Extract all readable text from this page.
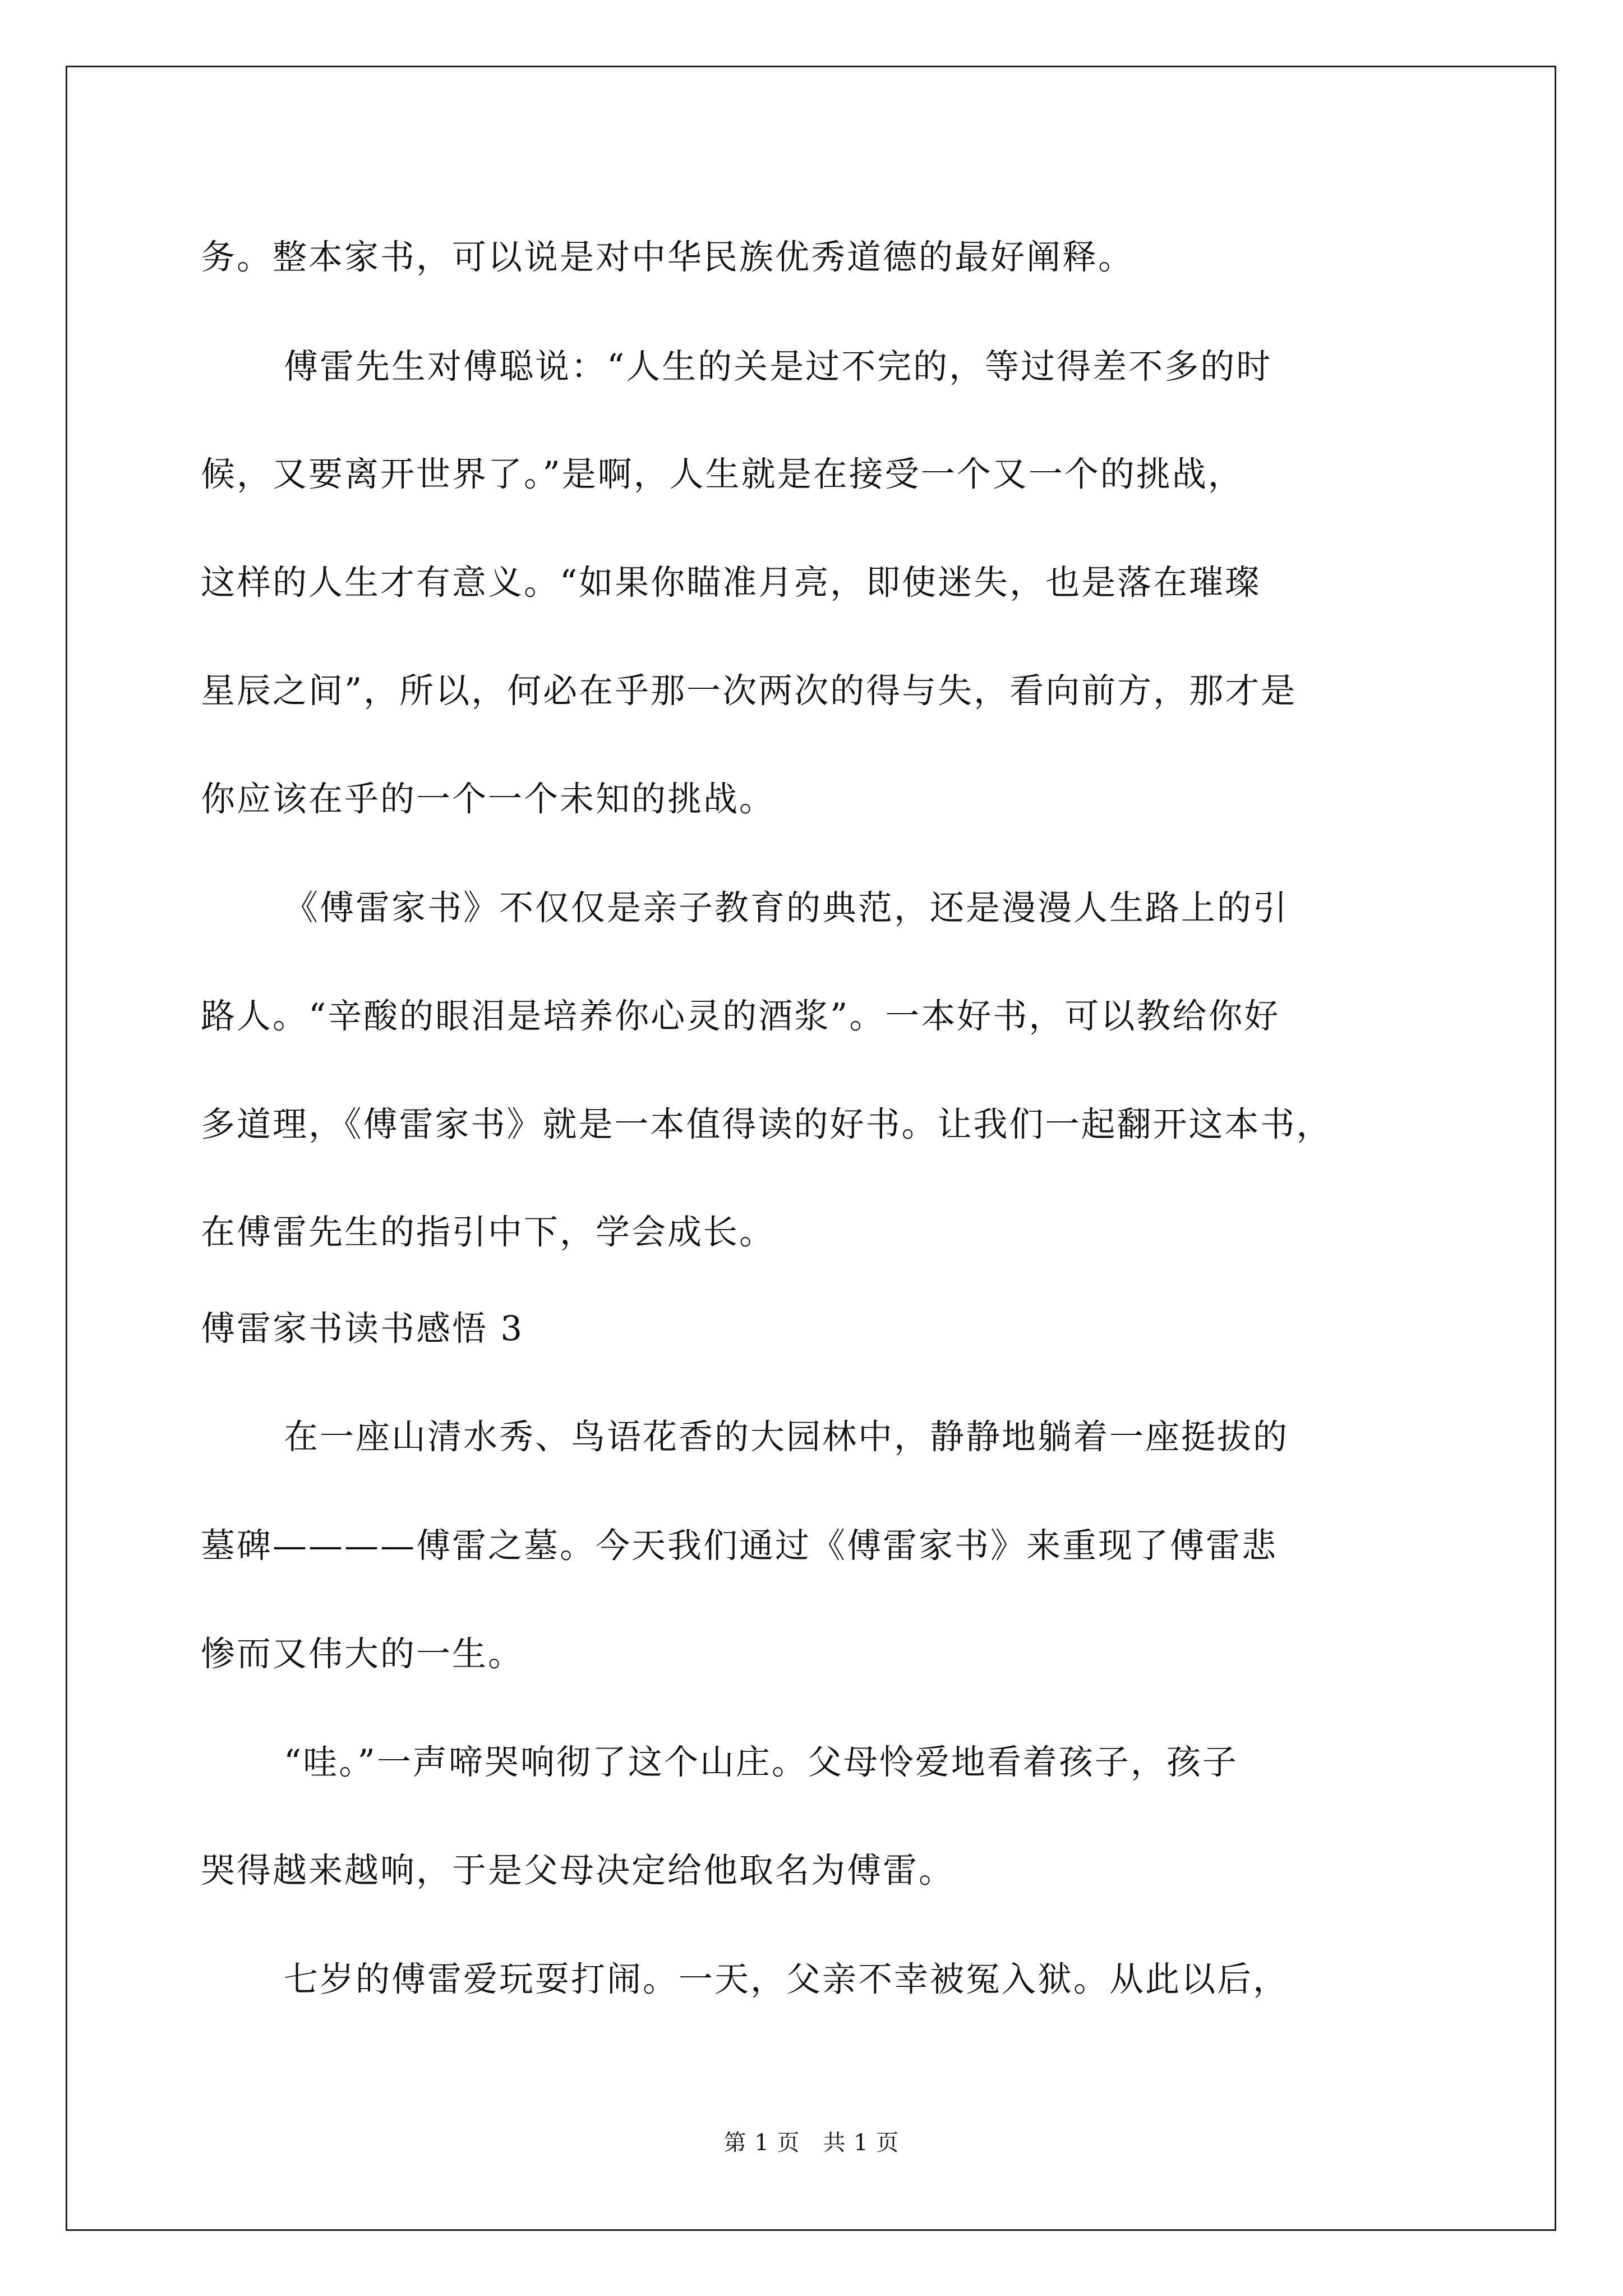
务。整本家书，可以说是对中华民族优秀道德的最好阐释。
傅雷先生对傅聪说：“人生的关是过不完的，等过得差不多的时
候，又要离开世界了。”是啊，人生就是在接受一个又一个的挑战，
这样的人生才有意义。“如果你瞄准月亮，即使迷失，也是落在璀璨
星辰之间”，所以，何必在乎那一次两次的得与失，看向前方，那才是
你应该在乎的一个一个未知的挑战。
《傅雷家书》不仅仅是亲子教育的典范，还是漫漫人生路上的引
路人。“辛酸的眼泪是培养你心灵的酒浆”。一本好书，可以教给你好
多道理，《傅雷家书》就是一本值得读的好书。让我们一起翻开这本书，
在傅雷先生的指引中下，学会成长。
傅雷家书读书感悟 3
在一座山清水秀、鸟语花香的大园林中，静静地躺着一座挺拔的
墓碑————傅雷之墓。今天我们通过《傅雷家书》来重现了傅雷悲
惨而又伟大的一生。
“哇。”一声啼哭响彻了这个山庄。父母怜爱地看着孩子，孩子
哭得越来越响，于是父母决定给他取名为傅雷。
七岁的傅雷爱玩耍打闹。一天，父亲不幸被冤入狱。从此以后，
第 1 页　共 1 页
